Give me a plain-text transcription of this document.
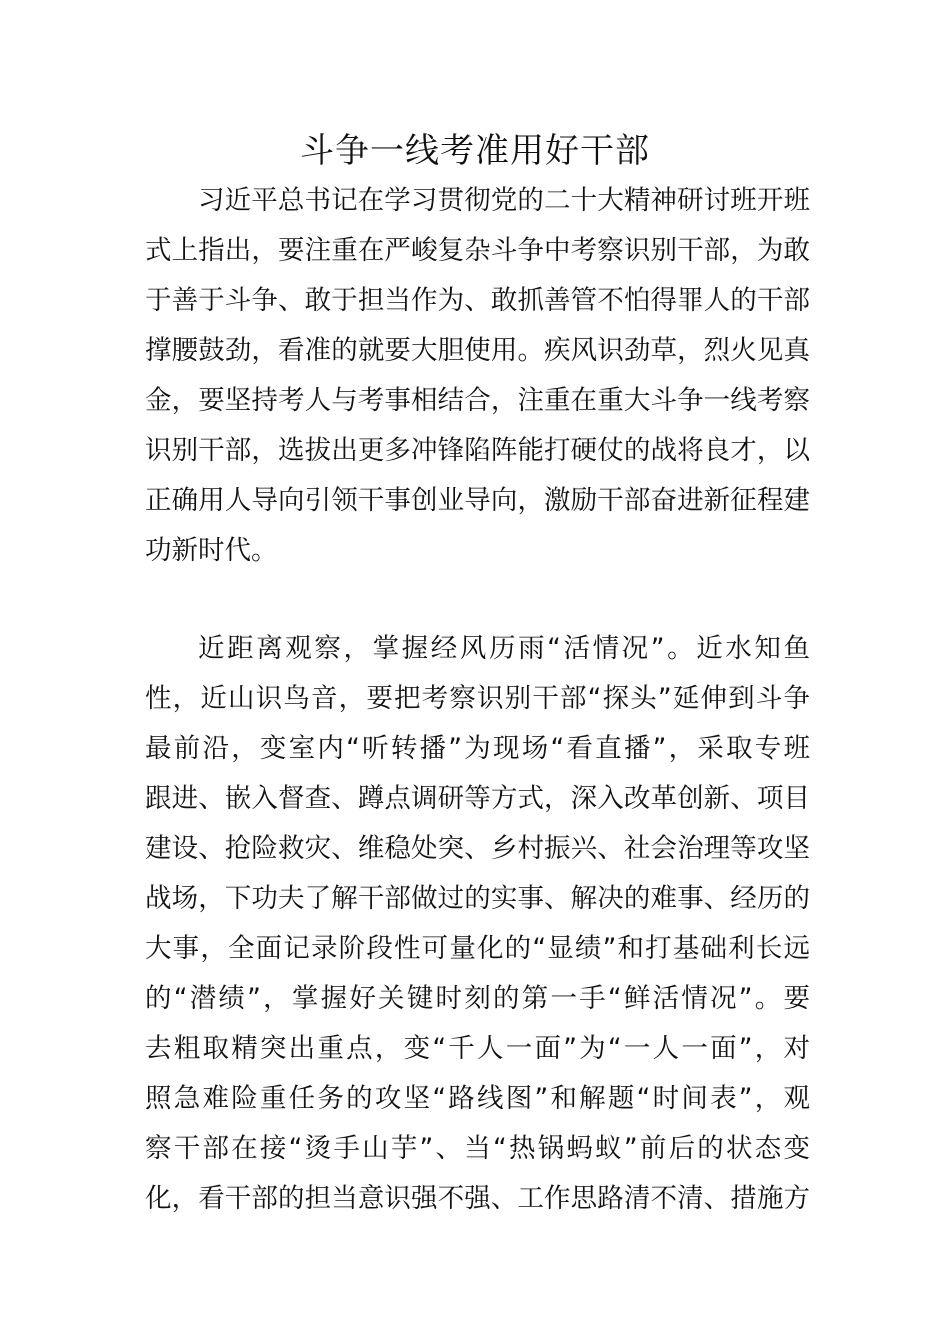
斗争一线考准用好干部
习近平总书记在学习贯彻党的二十大精神研讨班开班
式上指出，要注重在严峻复杂斗争中考察识别干部，为敢
于善于斗争、敢于担当作为、敢抓善管不怕得罪人的干部
撑腰鼓劲，看准的就要大胆使用。疾风识劲草，烈火见真
金，要坚持考人与考事相结合，注重在重大斗争一线考察
识别干部，选拔出更多冲锋陷阵能打硬仗的战将良才，以
正确用人导向引领干事创业导向，激励干部奋进新征程建
功新时代。
近距离观察，掌握经风历雨“活情况”。近水知鱼
性，近山识鸟音，要把考察识别干部“探头”延伸到斗争
最前沿，变室内“听转播”为现场“看直播”，采取专班
跟进、嵌入督查、蹲点调研等方式，深入改革创新、项目
建设、抢险救灾、维稳处突、乡村振兴、社会治理等攻坚
战场，下功夫了解干部做过的实事、解决的难事、经历的
大事，全面记录阶段性可量化的“显绩”和打基础利长远
的“潜绩”，掌握好关键时刻的第一手“鲜活情况”。要
去粗取精突出重点，变“千人一面”为“一人一面”，对
照急难险重任务的攻坚“路线图”和解题“时间表”，观
察干部在接“烫手山芋”、当“热锅蚂蚁”前后的状态变
化，看干部的担当意识强不强、工作思路清不清、措施方
